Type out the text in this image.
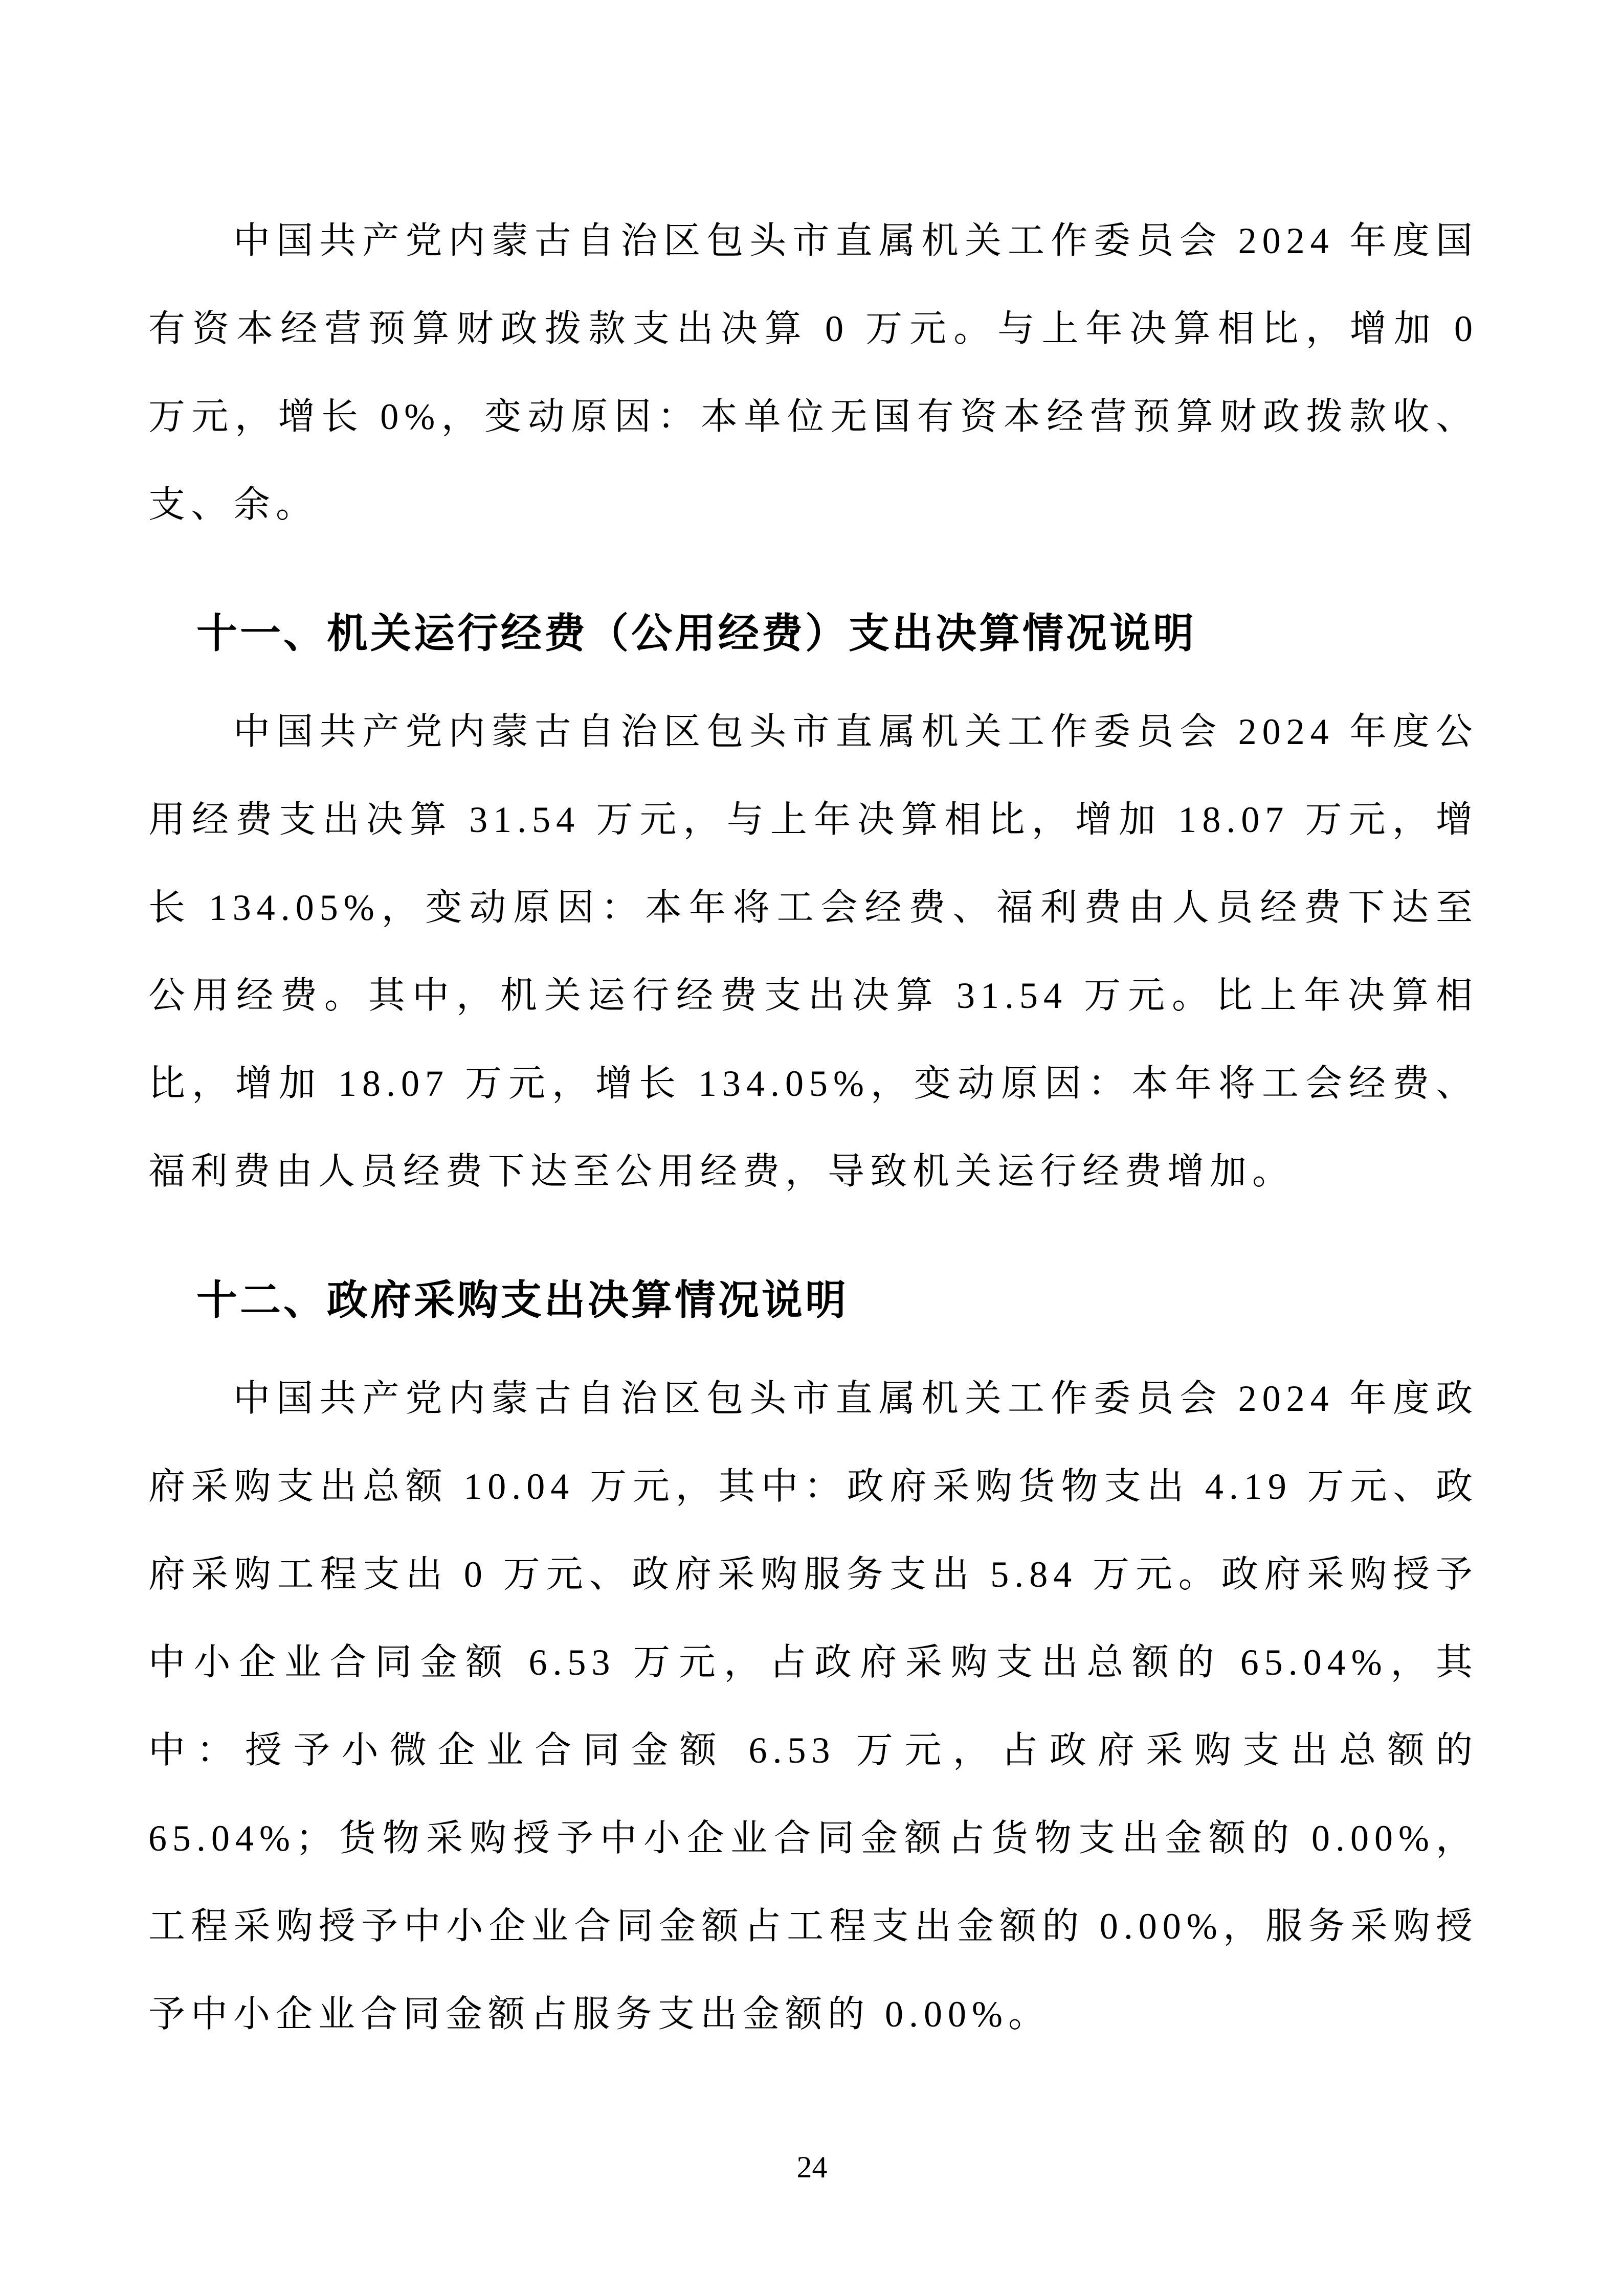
中国共产党内蒙古自治区包头市直属机关工作委员会 2024 年度国有资本经营预算财政拨款支出决算 0 万元。与上年决算相比，增加 0 万元，增长 0%，变动原因：本单位无国有资本经营预算财政拨款收、支、余。

十一、机关运行经费（公用经费）支出决算情况说明

中国共产党内蒙古自治区包头市直属机关工作委员会 2024 年度公用经费支出决算 31.54 万元，与上年决算相比，增加 18.07 万元，增长 134.05%，变动原因：本年将工会经费、福利费由人员经费下达至公用经费。其中，机关运行经费支出决算 31.54 万元。比上年决算相比，增加 18.07 万元，增长 134.05%，变动原因：本年将工会经费、福利费由人员经费下达至公用经费，导致机关运行经费增加。

十二、政府采购支出决算情况说明

中国共产党内蒙古自治区包头市直属机关工作委员会 2024 年度政府采购支出总额 10.04 万元，其中：政府采购货物支出 4.19 万元、政府采购工程支出 0 万元、政府采购服务支出 5.84 万元。政府采购授予中小企业合同金额 6.53 万元，占政府采购支出总额的 65.04%，其中：授予小微企业合同金额 6.53 万元，占政府采购支出总额的 65.04%；货物采购授予中小企业合同金额占货物支出金额的 0.00%，工程采购授予中小企业合同金额占工程支出金额的 0.00%，服务采购授予中小企业合同金额占服务支出金额的 0.00%。

24
